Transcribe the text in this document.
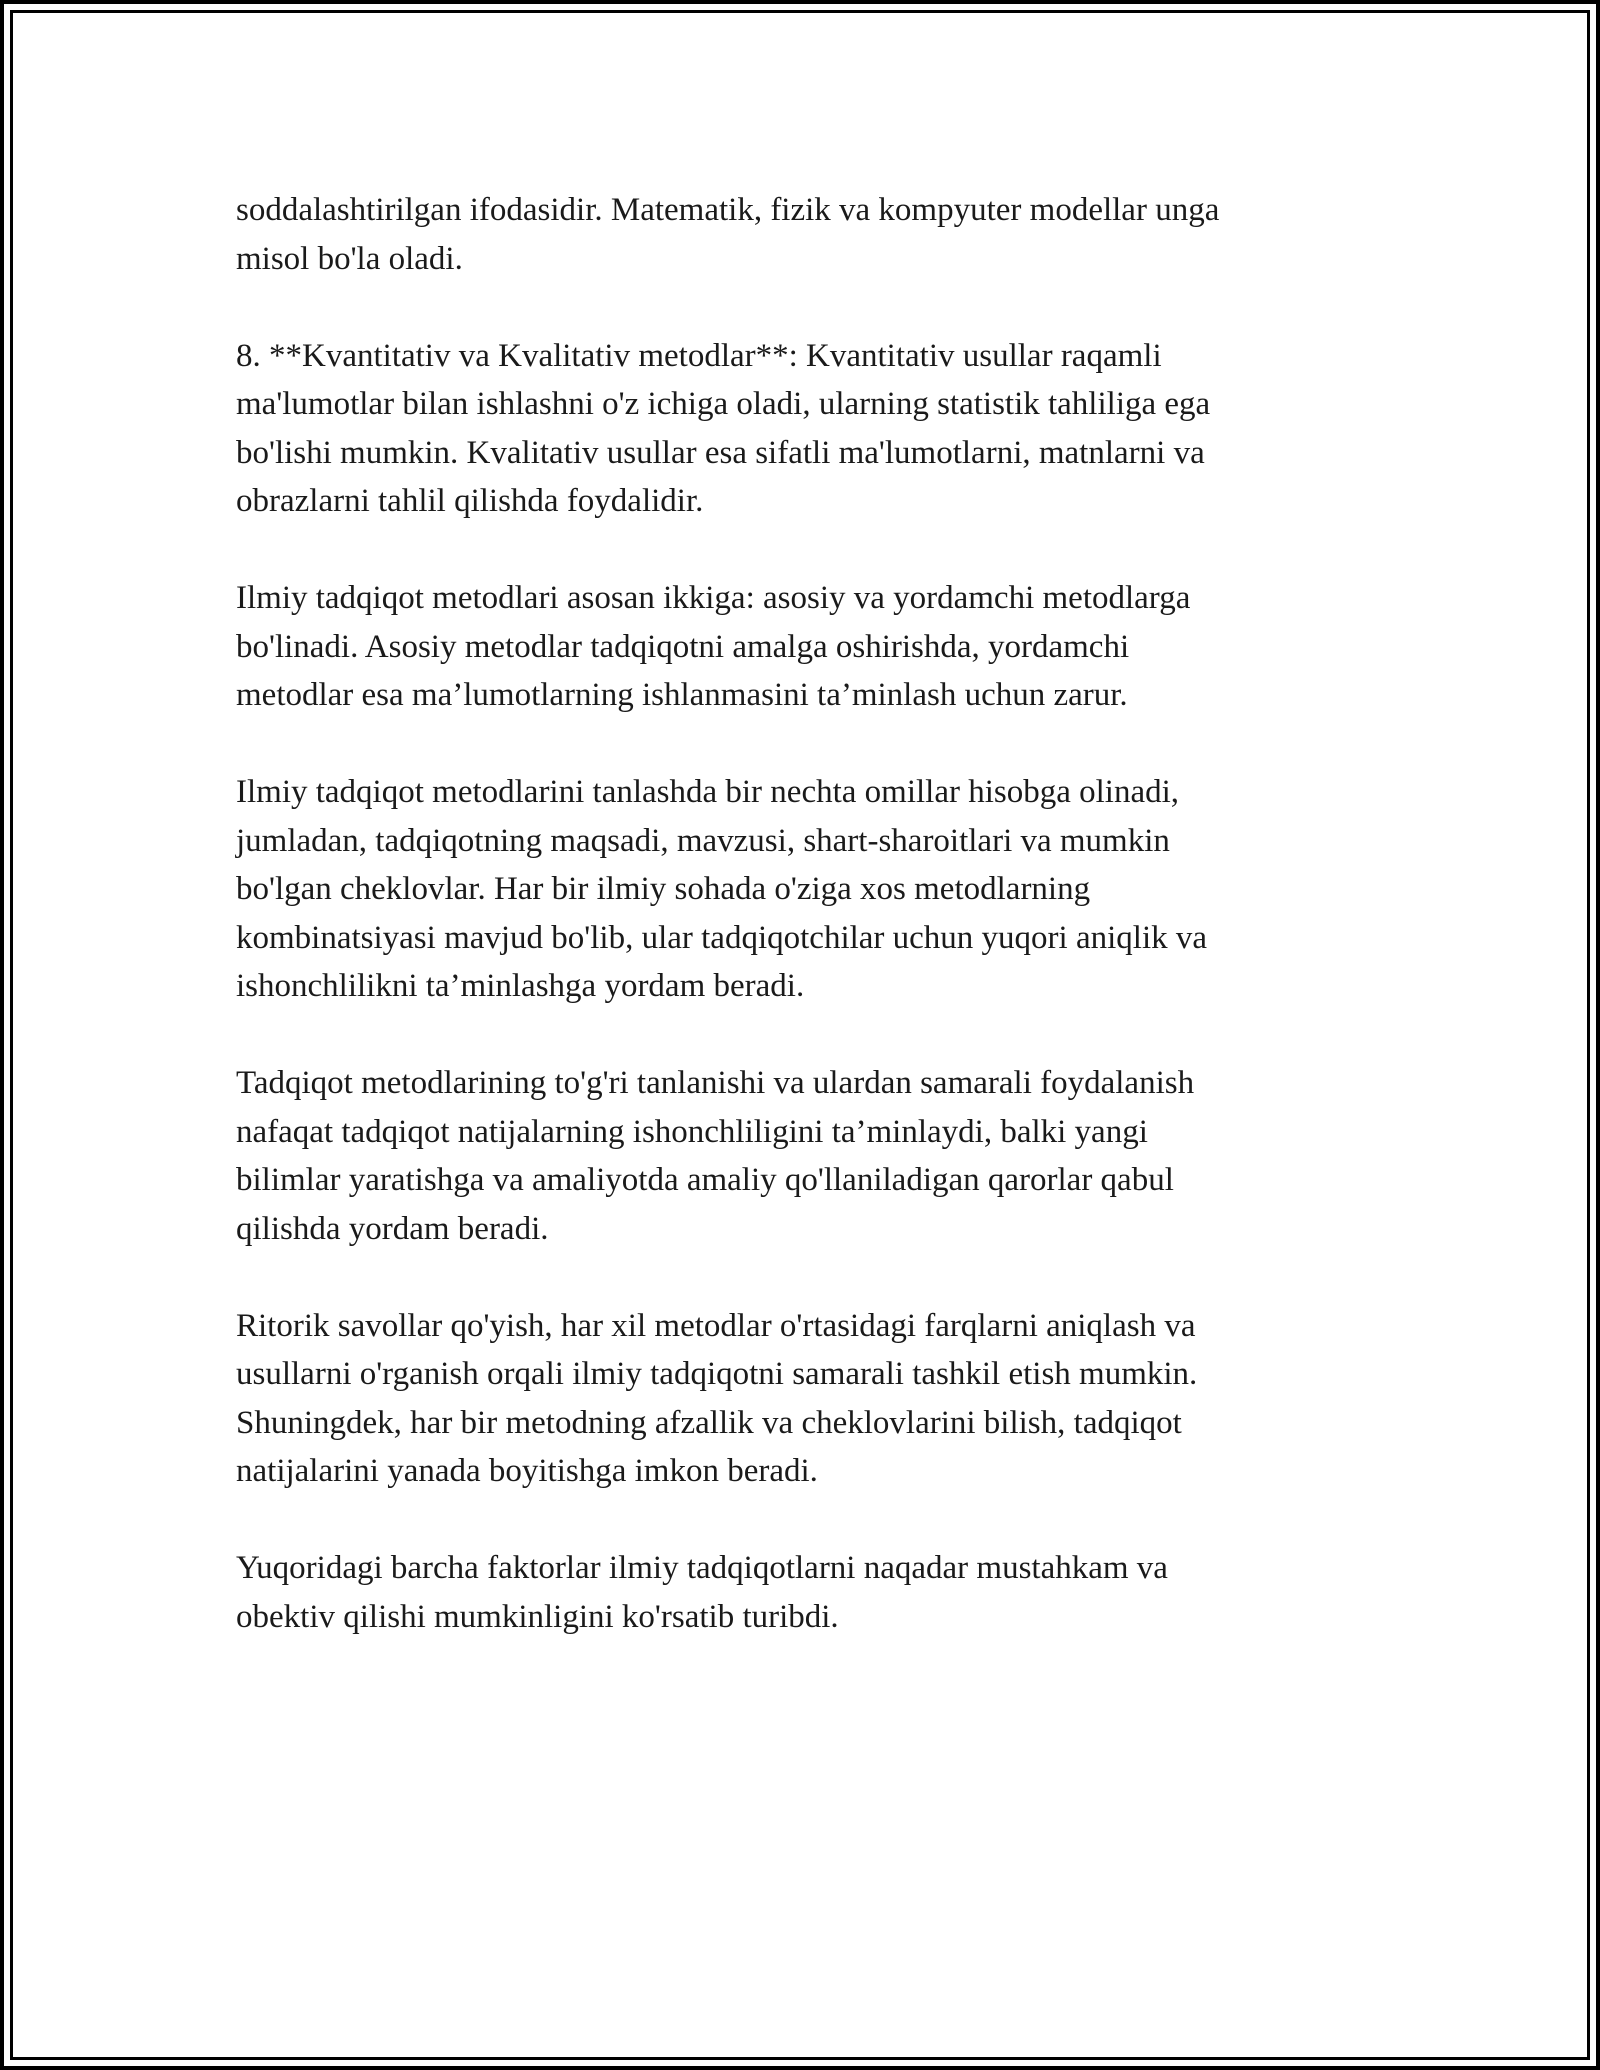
soddalashtirilgan ifodasidir. Matematik, fizik va kompyuter modellar unga
misol bo'la oladi.

8. **Kvantitativ va Kvalitativ metodlar**: Kvantitativ usullar raqamli
ma'lumotlar bilan ishlashni o'z ichiga oladi, ularning statistik tahliliga ega
bo'lishi mumkin. Kvalitativ usullar esa sifatli ma'lumotlarni, matnlarni va
obrazlarni tahlil qilishda foydalidir.

Ilmiy tadqiqot metodlari asosan ikkiga: asosiy va yordamchi metodlarga
bo'linadi. Asosiy metodlar tadqiqotni amalga oshirishda, yordamchi
metodlar esa ma’lumotlarning ishlanmasini ta’minlash uchun zarur.

Ilmiy tadqiqot metodlarini tanlashda bir nechta omillar hisobga olinadi,
jumladan, tadqiqotning maqsadi, mavzusi, shart-sharoitlari va mumkin
bo'lgan cheklovlar. Har bir ilmiy sohada o'ziga xos metodlarning
kombinatsiyasi mavjud bo'lib, ular tadqiqotchilar uchun yuqori aniqlik va
ishonchlilikni ta’minlashga yordam beradi.

Tadqiqot metodlarining to'g'ri tanlanishi va ulardan samarali foydalanish
nafaqat tadqiqot natijalarning ishonchliligini ta’minlaydi, balki yangi
bilimlar yaratishga va amaliyotda amaliy qo'llaniladigan qarorlar qabul
qilishda yordam beradi.

Ritorik savollar qo'yish, har xil metodlar o'rtasidagi farqlarni aniqlash va
usullarni o'rganish orqali ilmiy tadqiqotni samarali tashkil etish mumkin.
Shuningdek, har bir metodning afzallik va cheklovlarini bilish, tadqiqot
natijalarini yanada boyitishga imkon beradi.

Yuqoridagi barcha faktorlar ilmiy tadqiqotlarni naqadar mustahkam va
obektiv qilishi mumkinligini ko'rsatib turibdi.
